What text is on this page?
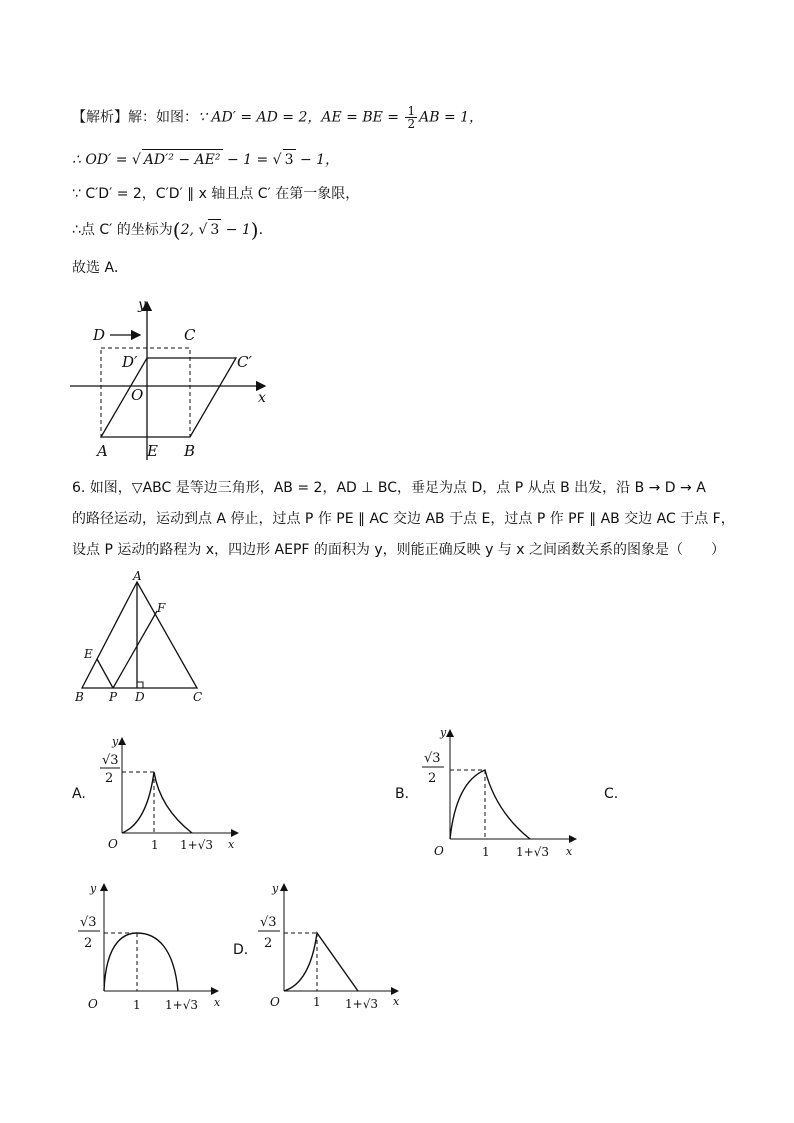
【解析】解：如图：∵ AD′ = AD = 2，AE = BE = $\frac{1}{2}$ AB = 1，
∴ OD′ = √ AD′² − AE² − 1 = √ 3 − 1，
∵ C′D′ = 2，C′D′ ∥ x 轴且点 C′ 在第一象限，
∴点 C′ 的坐标为(2, √ 3 − 1).
故选 A．
y
x
D	C
D′	C′
O
A	E B
6. 如图，▽ABC 是等边三角形，AB = 2，AD ⊥ BC，垂足为点 D，点 P 从点 B 出发，沿 B → D → A
的路径运动，运动到点 A 停止，过点 P 作 PE ∥ AC 交边 AB 于点 E，过点 P 作 PF ∥ AB 交边 AC 于点 F，
设点 P 运动的路程为 x，四边形 AEPF 的面积为 y，则能正确反映 y 与 x 之间函数关系的图象是（　　）
A
F
E
B P D	C
A.
y
√3
2
O	1 1+√3 x
B.
y
√3
2
O	1 1+√3 x
C.
y
√3
2
O	1 1+√3 x
D.
y
√3
2
O	1 1+√3 x
